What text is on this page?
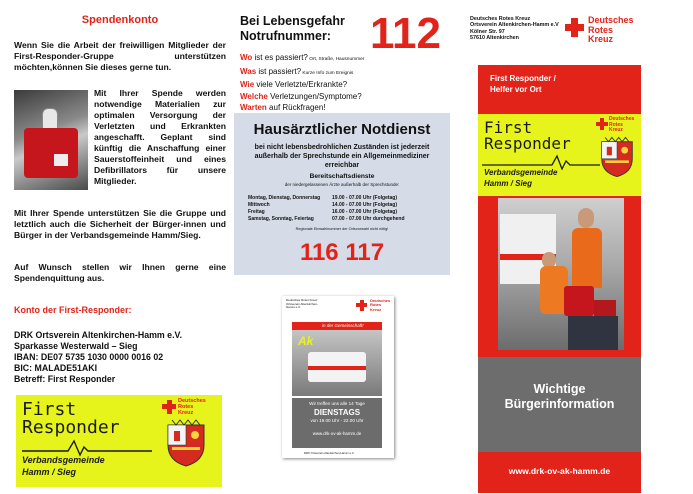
Spendenkonto
Wenn Sie die Arbeit der freiwilligen Mitglieder der First-Responder-Gruppe unterstützen möchten,können Sie dieses gerne tun.
Mit Ihrer Spende werden notwendige Materialien zur optimalen Versorgung der Verletzten und Erkrankten angeschafft. Geplant sind künftig die Anschaffung einer Sauerstoffeinheit und eines Defibrillators für unsere Mitglieder.
Mit Ihrer Spende unterstützen Sie die Gruppe und letztlich auch die Sicherheit der Bürger-innen und Bürger in der Verbandsgemeinde Hamm/Sieg.
Auf Wunsch stellen wir Ihnen gerne eine Spendenquittung aus.
Konto der First-Responder:
DRK Ortsverein Altenkirchen-Hamm e.V.
Sparkasse Westerwald – Sieg
IBAN: DE07 5735 1030 0000 0016 02
BIC: MALADE51AKI
Betreff: First Responder
First
Responder
Verbandsgemeinde
Hamm / Sieg
Deutsches
Rotes
Kreuz
Bei Lebensgefahr
Notrufnummer: 112
Wo ist es passiert? Ort, Straße, Hausnummer
Was ist passiert? Kurze Info zum Ereignis
Wie viele Verletzte/Erkrankte?
Welche Verletzungen/Symptome?
Warten auf Rückfragen!
Hausärztlicher Notdienst
bei nicht lebensbedrohlichen Zuständen ist jederzeit außerhalb der Sprechstunde ein Allgemeinmediziner erreichbar
Bereitschaftsdienste
der niedergelassenen Ärzte außerhalb der Sprechstunde:
Montag, Dienstag, Donnerstag	19.00 - 07.00 Uhr (Folgetag)
Mittwoch	14.00 - 07.00 Uhr (Folgetag)
Freitag	16.00 - 07.00 Uhr (Folgetag)
Samstag, Sonntag, Feiertag	07.00 - 07.00 Uhr durchgehend
Regionale Einwahlnummer der Ortsvorwahl nicht nötig!
116 117
Deutsches Rotes Kreuz Ortsverein Altenkirchen-Hamm e.V.
Deutsches
Rotes
Kreuz
in der Gemeinschaft!
Ak
Wir treffen uns alle 14 Tage
DIENSTAGS
von 19.00 Uhr - 22.00 Uhr
www.drk-ov-ak-hamm.de
DRK Ortsverein Altenkirchen-Hamm e.V.
Deutsches Rotes Kreuz
Ortsverein Altenkirchen-Hamm e.V
Kölner Str. 97
57610 Altenkirchen
Deutsches
Rotes
Kreuz
First Responder /
Helfer vor Ort
First
Responder
Verbandsgemeinde
Hamm / Sieg
Deutsches
Rotes
Kreuz
Wichtige
Bürgerinformation
www.drk-ov-ak-hamm.de
